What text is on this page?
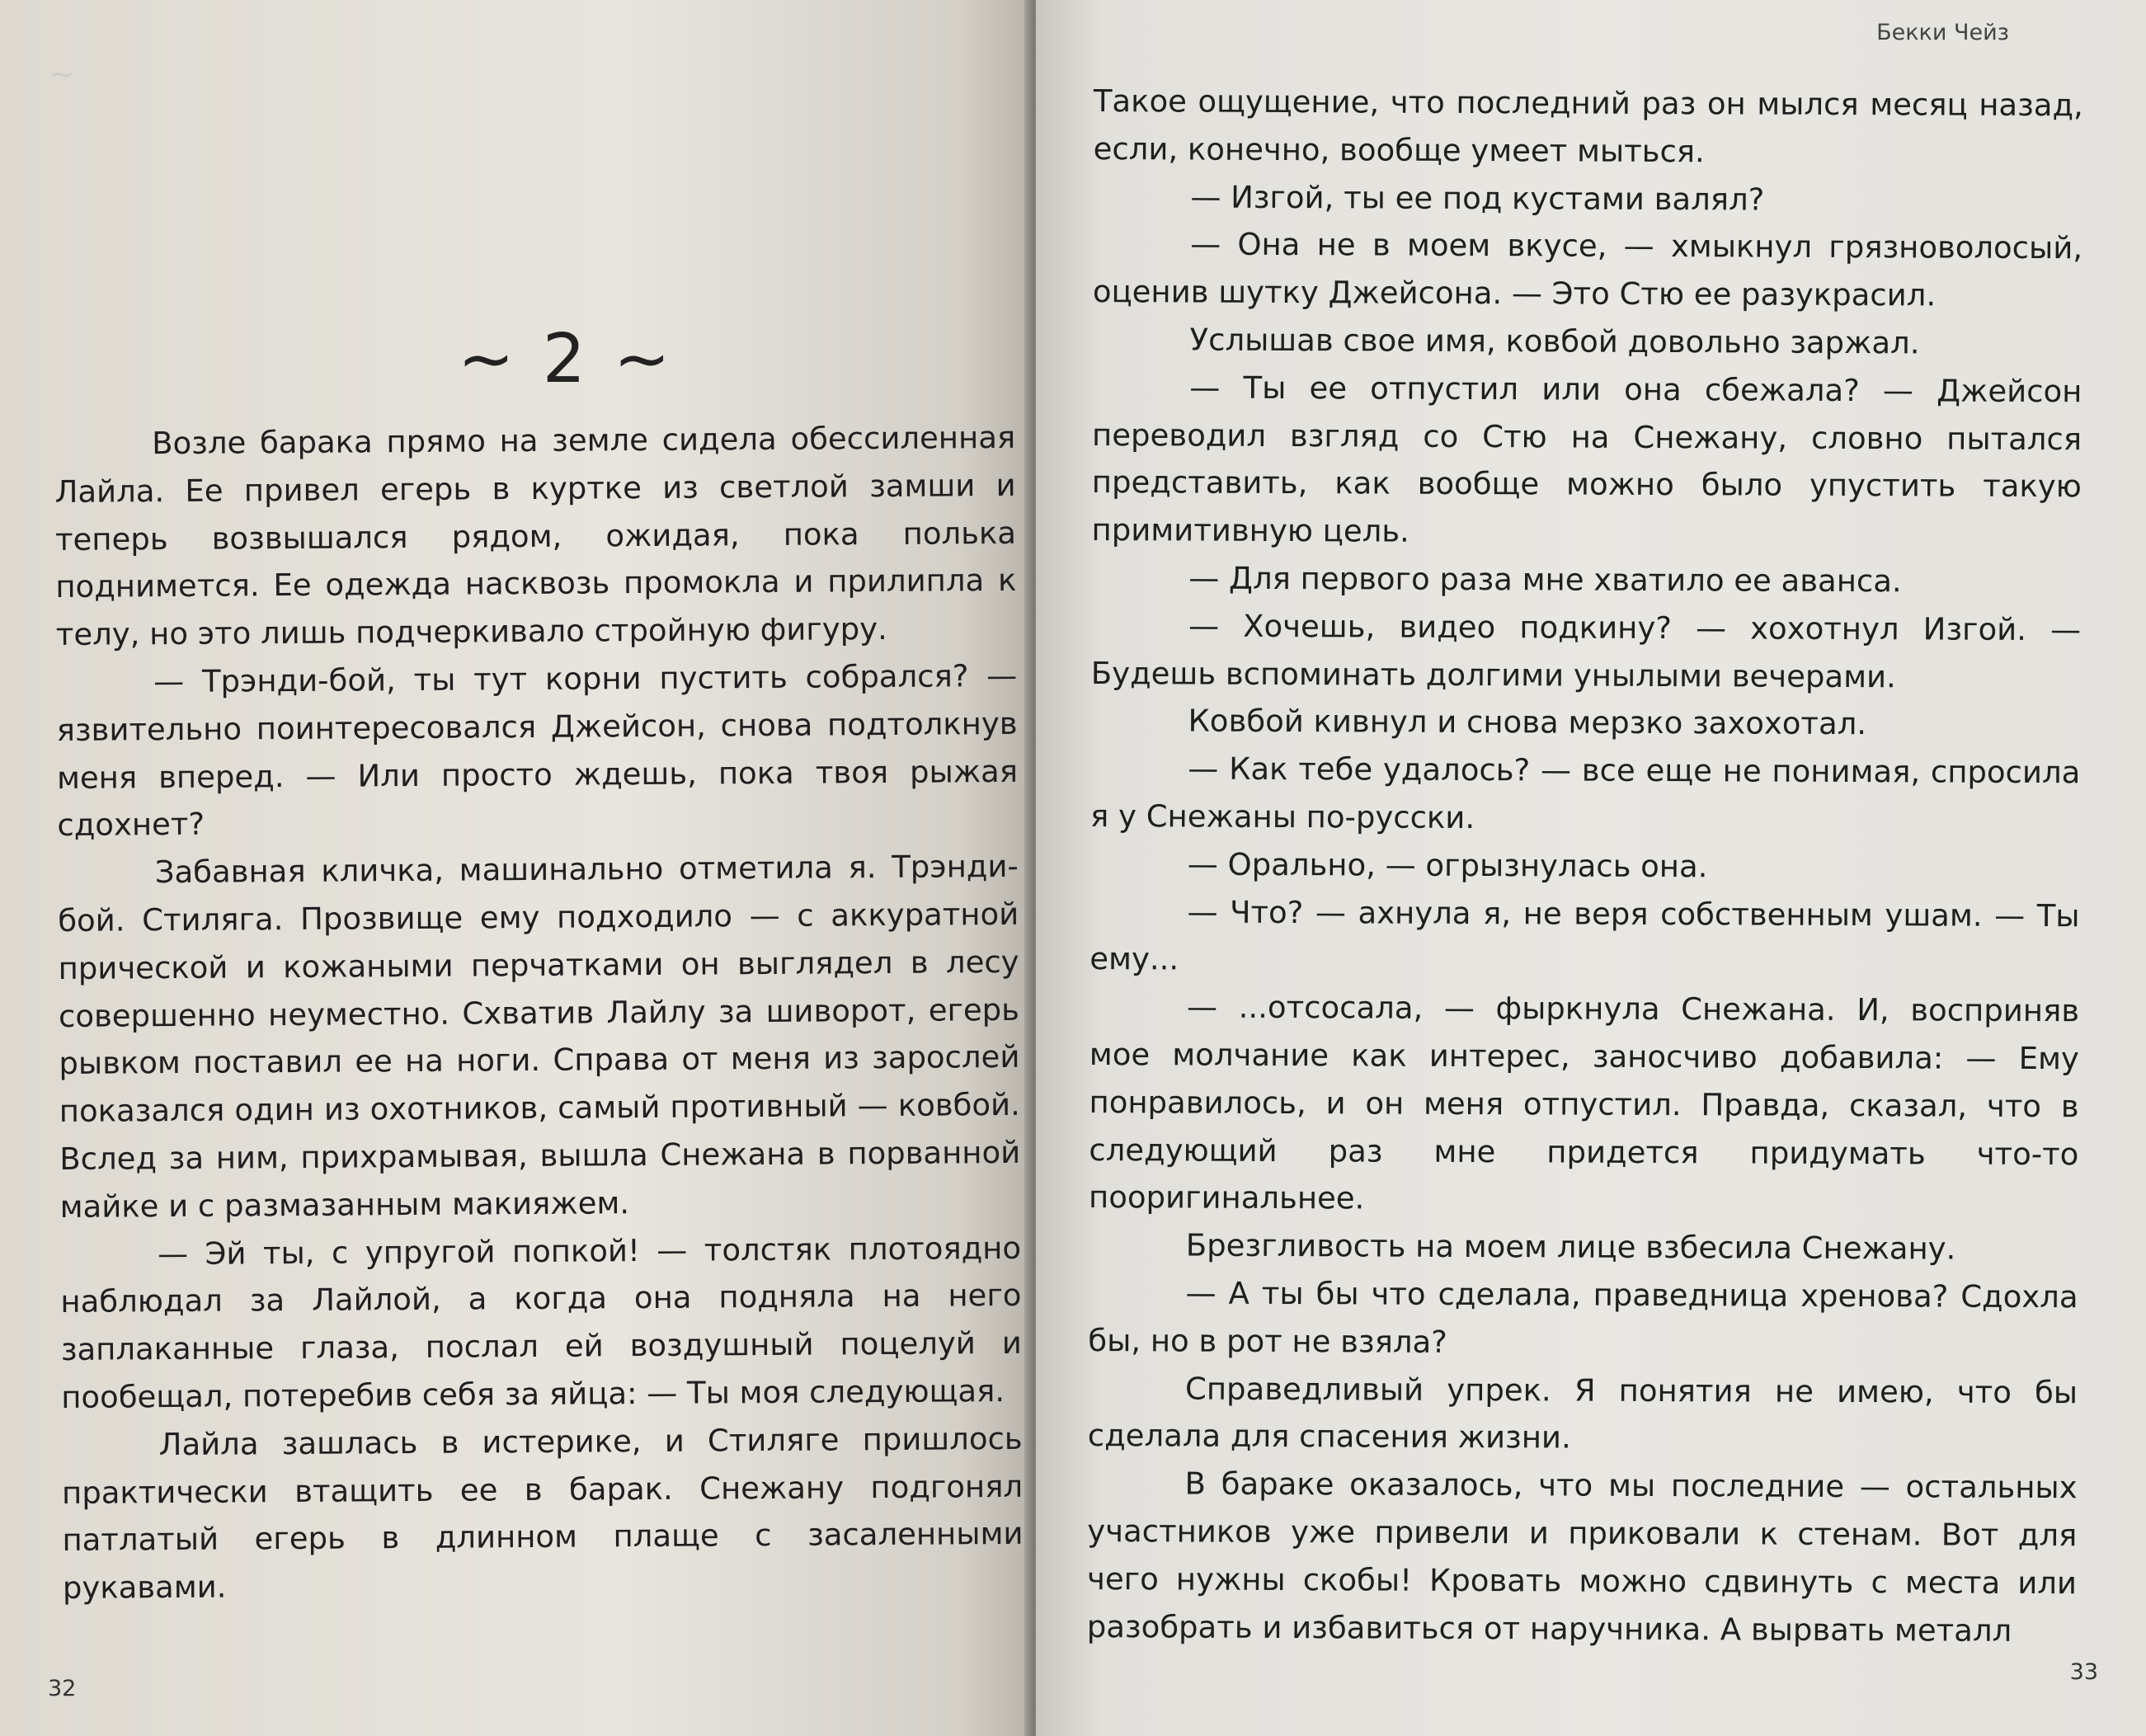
~
~ 2 ~

Возле барака прямо на земле сидела обессиленная Лайла. Ее привел егерь в куртке из светлой замши и теперь возвышался рядом, ожидая, пока полька поднимется. Ее одежда насквозь промокла и прилипла к телу, но это лишь подчеркивало стройную фигуру.

— Трэнди-бой, ты тут корни пустить собрался? — язвительно поинтересовался Джейсон, снова подтолкнув меня вперед. — Или просто ждешь, пока твоя рыжая сдохнет?

Забавная кличка, машинально отметила я. Трэнди-бой. Стиляга. Прозвище ему подходило — с аккуратной прической и кожаными перчатками он выглядел в лесу совершенно неуместно. Схватив Лайлу за шиворот, егерь рывком поставил ее на ноги. Справа от меня из зарослей показался один из охотников, самый противный — ковбой. Вслед за ним, прихрамывая, вышла Снежана в порванной майке и с размазанным макияжем.

— Эй ты, с упругой попкой! — толстяк плотоядно наблюдал за Лайлой, а когда она подняла на него заплаканные глаза, послал ей воздушный поцелуй и пообещал, потеребив себя за яйца: — Ты моя следующая.

Лайла зашлась в истерике, и Стиляге пришлось практически втащить ее в барак. Снежану подгонял патлатый егерь в длинном плаще с засаленными рукавами.

32
Бекки Чейз

Такое ощущение, что последний раз он мылся месяц назад, если, конечно, вообще умеет мыться.

— Изгой, ты ее под кустами валял?

— Она не в моем вкусе, — хмыкнул грязноволосый, оценив шутку Джейсона. — Это Стю ее разукрасил.

Услышав свое имя, ковбой довольно заржал.

— Ты ее отпустил или она сбежала? — Джейсон переводил взгляд со Стю на Снежану, словно пытался представить, как вообще можно было упустить такую примитивную цель.

— Для первого раза мне хватило ее аванса.

— Хочешь, видео подкину? — хохотнул Изгой. — Будешь вспоминать долгими унылыми вечерами.

Ковбой кивнул и снова мерзко захохотал.

— Как тебе удалось? — все еще не понимая, спросила я у Снежаны по-русски.

— Орально, — огрызнулась она.

— Что? — ахнула я, не веря собственным ушам. — Ты ему...

— ...отсосала, — фыркнула Снежана. И, восприняв мое молчание как интерес, заносчиво добавила: — Ему понравилось, и он меня отпустил. Правда, сказал, что в следующий раз мне придется придумать что-то пооригинальнее.

Брезгливость на моем лице взбесила Снежану.

— А ты бы что сделала, праведница хренова? Сдохла бы, но в рот не взяла?

Справедливый упрек. Я понятия не имею, что бы сделала для спасения жизни.

В бараке оказалось, что мы последние — остальных участников уже привели и приковали к стенам. Вот для чего нужны скобы! Кровать можно сдвинуть с места или разобрать и избавиться от наручника. А вырвать металл

33
